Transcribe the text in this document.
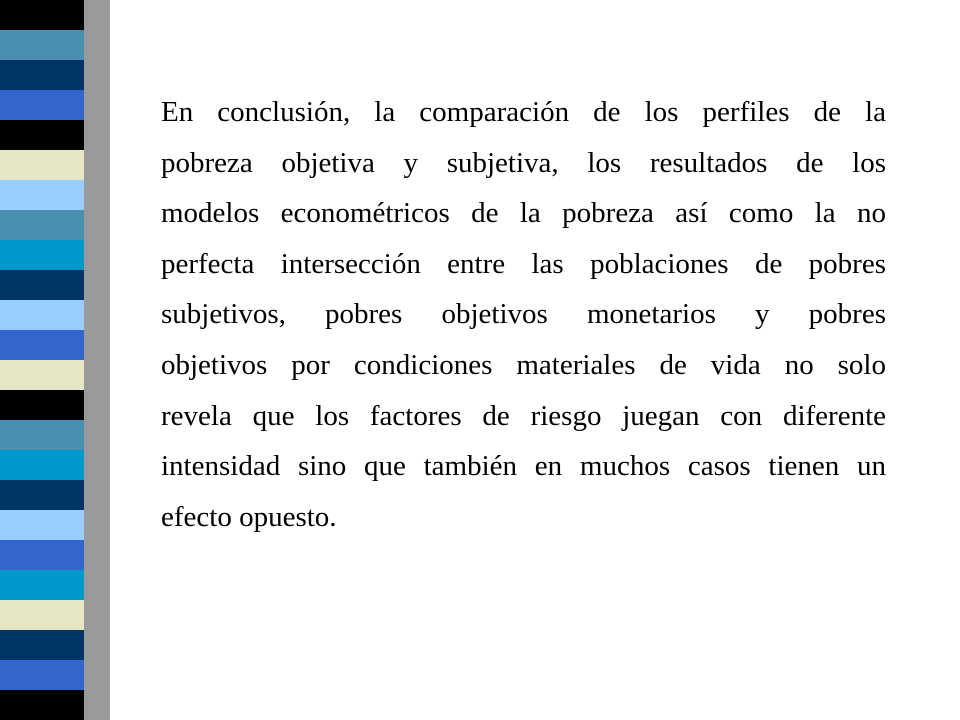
En conclusión, la comparación de los perfiles de la
pobreza objetiva y subjetiva, los resultados de los
modelos econométricos de la pobreza así como la no
perfecta intersección entre las poblaciones de pobres
subjetivos, pobres objetivos monetarios y pobres
objetivos por condiciones materiales de vida no solo
revela que los factores de riesgo juegan con diferente
intensidad sino que también en muchos casos tienen un
efecto opuesto.
